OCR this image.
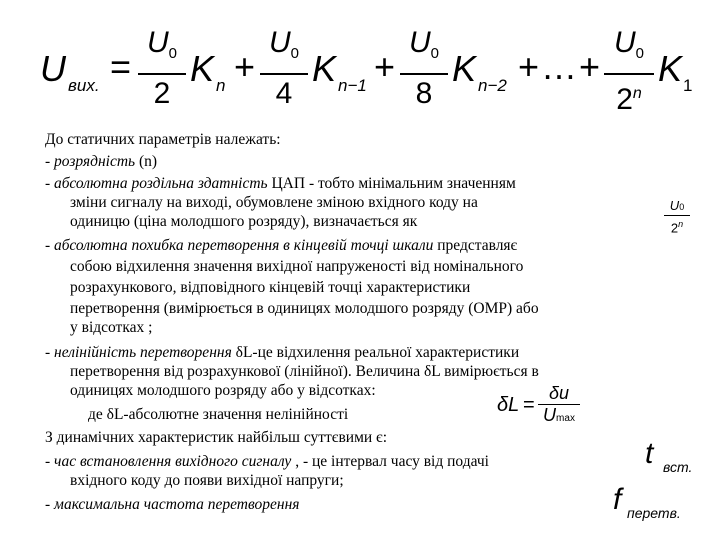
U вих. =
$U_0$
2
K n +
$U_0$
4
K n−1 +
$U_0$
8
K n−2 +…+
$U_0$
2$^n$
K 1
До статичних параметрів належать:
- розрядність (n)
- абсолютна роздільна здатність ЦАП - тобто мінімальним значенням
зміни сигналу на виході, обумовлене зміною вхідного коду на
одиницю (ціна молодшого розряду), визначається як
- абсолютна похибка перетворення в кінцевій точці шкали представляє
собою відхилення значення вихідної напруженості від номінального
розрахункового, відповідного кінцевій точці характеристики
перетворення (вимірюється в одиницях молодшого розряду (ОМР) або
у відсотках ;
- нелінійність перетворення δL-це відхилення реальної характеристики
перетворення від розрахункової (лінійної). Величина δL вимірюється в
одиницях молодшого розряду або у відсотках:
де δL-абсолютне значення нелінійності
З динамічних характеристик найбільш суттєвими є:
- час встановлення вихідного сигналу , - це інтервал часу від подачі
вхідного коду до появи вихідної напруги;
- максимальна частота перетворення
U0
2$^n$
δL =
δu
Umax
t вст.
f перетв.
